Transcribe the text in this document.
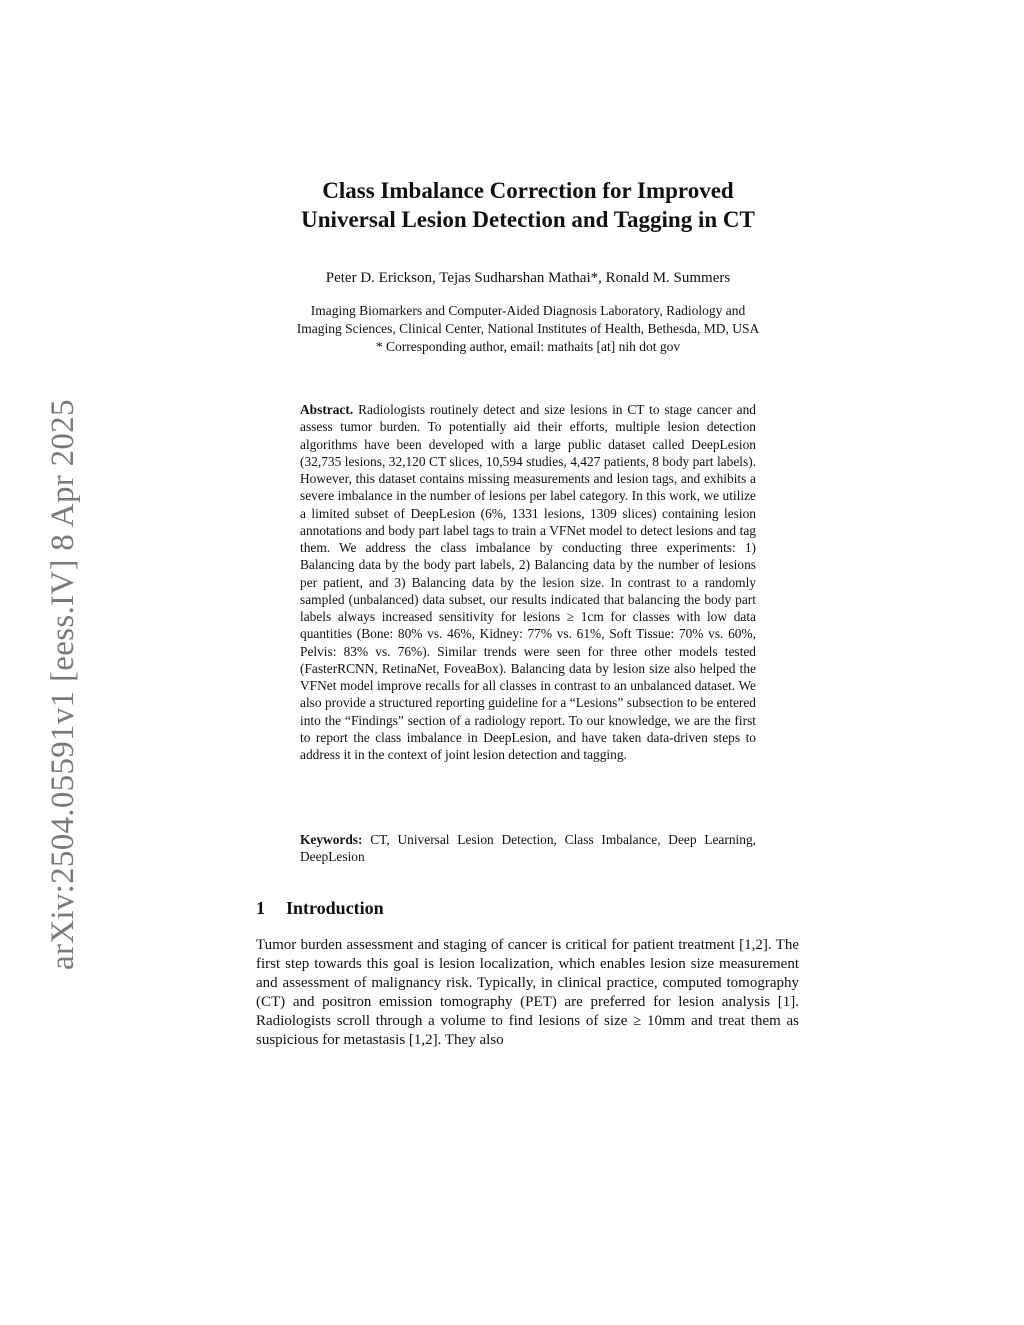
arXiv:2504.05591v1 [eess.IV] 8 Apr 2025
Class Imbalance Correction for Improved
Universal Lesion Detection and Tagging in CT
Peter D. Erickson, Tejas Sudharshan Mathai*, Ronald M. Summers
Imaging Biomarkers and Computer-Aided Diagnosis Laboratory, Radiology and
Imaging Sciences, Clinical Center, National Institutes of Health, Bethesda, MD, USA
* Corresponding author, email: mathaits [at] nih dot gov
Abstract. Radiologists routinely detect and size lesions in CT to stage cancer and assess tumor burden. To potentially aid their efforts, multiple lesion detection algorithms have been developed with a large public dataset called DeepLesion (32,735 lesions, 32,120 CT slices, 10,594 studies, 4,427 patients, 8 body part labels). However, this dataset contains missing measurements and lesion tags, and exhibits a severe imbalance in the number of lesions per label category. In this work, we utilize a limited subset of DeepLesion (6%, 1331 lesions, 1309 slices) containing lesion annotations and body part label tags to train a VFNet model to detect lesions and tag them. We address the class imbalance by conducting three experiments: 1) Balancing data by the body part labels, 2) Balancing data by the number of lesions per patient, and 3) Balancing data by the lesion size. In contrast to a randomly sampled (unbalanced) data subset, our results indicated that balancing the body part labels always increased sensitivity for lesions ≥ 1cm for classes with low data quantities (Bone: 80% vs. 46%, Kidney: 77% vs. 61%, Soft Tissue: 70% vs. 60%, Pelvis: 83% vs. 76%). Similar trends were seen for three other models tested (FasterRCNN, RetinaNet, FoveaBox). Balancing data by lesion size also helped the VFNet model improve recalls for all classes in contrast to an unbalanced dataset. We also provide a structured reporting guideline for a “Lesions” subsection to be entered into the “Findings” section of a radiology report. To our knowledge, we are the first to report the class imbalance in DeepLesion, and have taken data-driven steps to address it in the context of joint lesion detection and tagging.
Keywords: CT, Universal Lesion Detection, Class Imbalance, Deep Learning, DeepLesion
1 Introduction
Tumor burden assessment and staging of cancer is critical for patient treatment [1,2]. The first step towards this goal is lesion localization, which enables lesion size measurement and assessment of malignancy risk. Typically, in clinical practice, computed tomography (CT) and positron emission tomography (PET) are preferred for lesion analysis [1]. Radiologists scroll through a volume to find lesions of size ≥ 10mm and treat them as suspicious for metastasis [1,2]. They also
